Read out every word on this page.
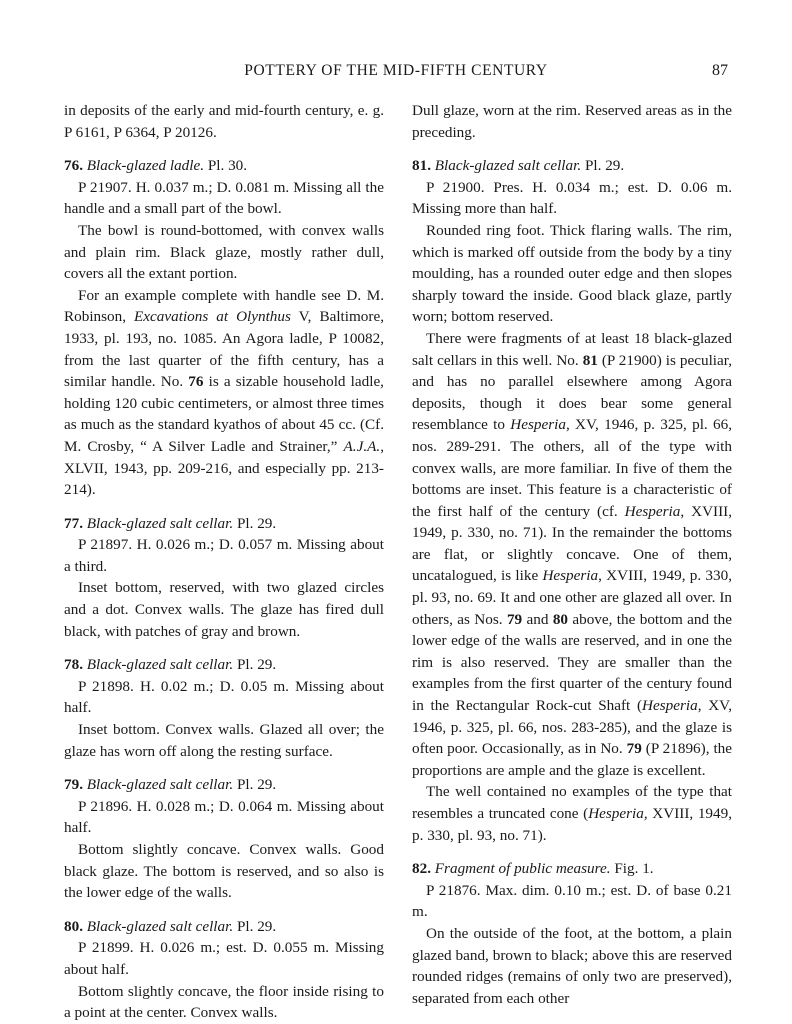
POTTERY OF THE MID-FIFTH CENTURY	87

in deposits of the early and mid-fourth century, e. g. P 6161, P 6364, P 20126.

76. Black-glazed ladle. Pl. 30.

P 21907. H. 0.037 m.; D. 0.081 m. Missing all the handle and a small part of the bowl.

The bowl is round-bottomed, with convex walls and plain rim. Black glaze, mostly rather dull, covers all the extant portion.

For an example complete with handle see D. M. Robinson, Excavations at Olynthus V, Baltimore, 1933, pl. 193, no. 1085. An Agora ladle, P 10082, from the last quarter of the fifth century, has a similar handle. No. 76 is a sizable household ladle, holding 120 cubic centimeters, or almost three times as much as the standard kyathos of about 45 cc. (Cf. M. Crosby, “ A Silver Ladle and Strainer,” A.J.A., XLVII, 1943, pp. 209-216, and especially pp. 213-214).

77. Black-glazed salt cellar. Pl. 29.

P 21897. H. 0.026 m.; D. 0.057 m. Missing about a third.

Inset bottom, reserved, with two glazed circles and a dot. Convex walls. The glaze has fired dull black, with patches of gray and brown.

78. Black-glazed salt cellar. Pl. 29.

P 21898. H. 0.02 m.; D. 0.05 m. Missing about half.

Inset bottom. Convex walls. Glazed all over; the glaze has worn off along the resting surface.

79. Black-glazed salt cellar. Pl. 29.

P 21896. H. 0.028 m.; D. 0.064 m. Missing about half.

Bottom slightly concave. Convex walls. Good black glaze. The bottom is reserved, and so also is the lower edge of the walls.

80. Black-glazed salt cellar. Pl. 29.

P 21899. H. 0.026 m.; est. D. 0.055 m. Missing about half.

Bottom slightly concave, the floor inside rising to a point at the center. Convex walls.

Dull glaze, worn at the rim. Reserved areas as in the preceding.

81. Black-glazed salt cellar. Pl. 29.

P 21900. Pres. H. 0.034 m.; est. D. 0.06 m. Missing more than half.

Rounded ring foot. Thick flaring walls. The rim, which is marked off outside from the body by a tiny moulding, has a rounded outer edge and then slopes sharply toward the inside. Good black glaze, partly worn; bottom reserved.

There were fragments of at least 18 black-glazed salt cellars in this well. No. 81 (P 21900) is peculiar, and has no parallel elsewhere among Agora deposits, though it does bear some general resemblance to Hesperia, XV, 1946, p. 325, pl. 66, nos. 289-291. The others, all of the type with convex walls, are more familiar. In five of them the bottoms are inset. This feature is a characteristic of the first half of the century (cf. Hesperia, XVIII, 1949, p. 330, no. 71). In the remainder the bottoms are flat, or slightly concave. One of them, uncatalogued, is like Hesperia, XVIII, 1949, p. 330, pl. 93, no. 69. It and one other are glazed all over. In others, as Nos. 79 and 80 above, the bottom and the lower edge of the walls are reserved, and in one the rim is also reserved. They are smaller than the examples from the first quarter of the century found in the Rectangular Rock-cut Shaft (Hesperia, XV, 1946, p. 325, pl. 66, nos. 283-285), and the glaze is often poor. Occasionally, as in No. 79 (P 21896), the proportions are ample and the glaze is excellent.

The well contained no examples of the type that resembles a truncated cone (Hesperia, XVIII, 1949, p. 330, pl. 93, no. 71).

82. Fragment of public measure. Fig. 1.

P 21876. Max. dim. 0.10 m.; est. D. of base 0.21 m.

On the outside of the foot, at the bottom, a plain glazed band, brown to black; above this are reserved rounded ridges (remains of only two are preserved), separated from each other
